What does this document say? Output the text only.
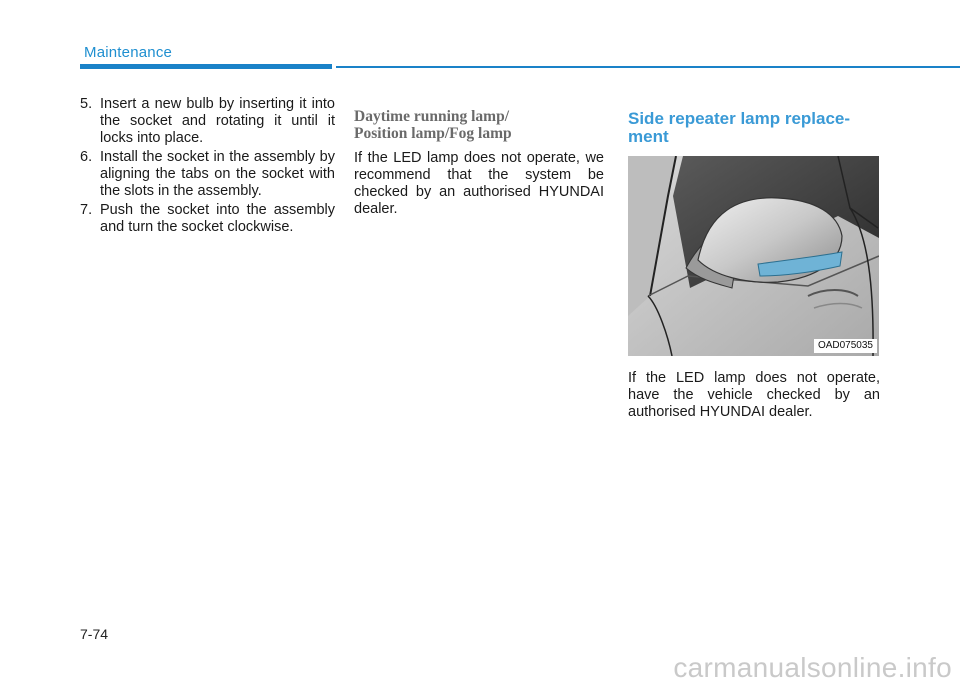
Maintenance
5. Insert a new bulb by inserting it into the socket and rotating it until it locks into place.
6. Install the socket in the assembly by aligning the tabs on the socket with the slots in the assembly.
7. Push the socket into the assembly and turn the socket clockwise.
Daytime running lamp/
Position lamp/Fog lamp
If the LED lamp does not operate, we recommend that the system be checked by an authorised HYUNDAI dealer.
Side repeater lamp replace-
ment
OAD075035
If the LED lamp does not operate, have the vehicle checked by an authorised HYUNDAI dealer.
7-74
carmanualsonline.info
